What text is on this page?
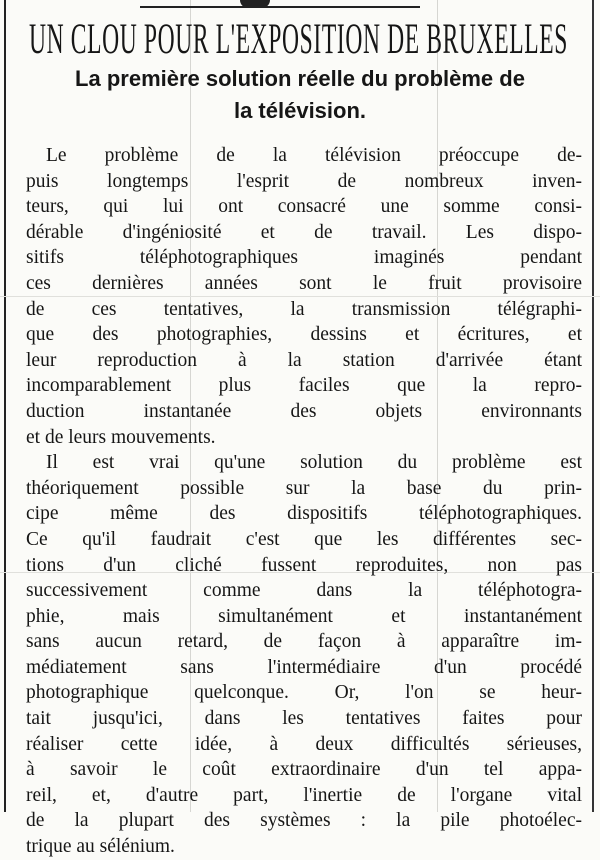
UN CLOU POUR L'EXPOSITION DE BRUXELLES
La première solution réelle du problème de
la télévision.
Le problème de la télévision préoccupe de-
puis longtemps l'esprit de nombreux inven-
teurs, qui lui ont consacré une somme consi-
dérable d'ingéniosité et de travail. Les dispo-
sitifs téléphotographiques imaginés pendant
ces dernières années sont le fruit provisoire
de ces tentatives, la transmission télégraphi-
que des photographies, dessins et écritures, et
leur reproduction à la station d'arrivée étant
incomparablement plus faciles que la repro-
duction instantanée des objets environnants
et de leurs mouvements.
Il est vrai qu'une solution du problème est
théoriquement possible sur la base du prin-
cipe même des dispositifs téléphotographiques.
Ce qu'il faudrait c'est que les différentes sec-
tions d'un cliché fussent reproduites, non pas
successivement comme dans la téléphotogra-
phie, mais simultanément et instantanément
sans aucun retard, de façon à apparaître im-
médiatement sans l'intermédiaire d'un procédé
photographique quelconque. Or, l'on se heur-
tait jusqu'ici, dans les tentatives faites pour
réaliser cette idée, à deux difficultés sérieuses,
à savoir le coût extraordinaire d'un tel appa-
reil, et, d'autre part, l'inertie de l'organe vital
de la plupart des systèmes : la pile photoélec-
trique au sélénium.
